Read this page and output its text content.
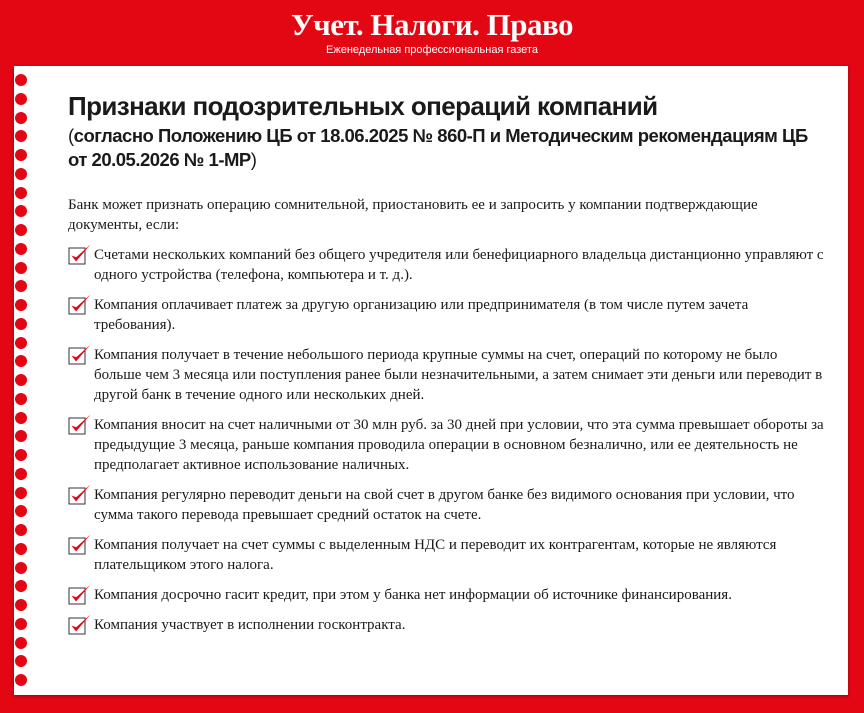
Учет. Налоги. Право
Еженедельная профессиональная газета
Признаки подозрительных операций компаний

(согласно Положению ЦБ от 18.06.2025 № 860-П и Методическим рекомендациям ЦБ от 20.05.2026 № 1-МР)

Банк может признать операцию сомнительной, приостановить ее и запросить у компании подтверждающие документы, если:

Счетами нескольких компаний без общего учредителя или бенефициарного владельца дистанционно управляют с одного устройства (телефона, компьютера и т. д.).
Компания оплачивает платеж за другую организацию или предпринимателя (в том числе путем зачета требования).
Компания получает в течение небольшого периода крупные суммы на счет, операций по которому не было больше чем 3 месяца или поступления ранее были незначительными, а затем снимает эти деньги или переводит в другой банк в течение одного или нескольких дней.
Компания вносит на счет наличными от 30 млн руб. за 30 дней при условии, что эта сумма превышает обороты за предыдущие 3 месяца, раньше компания проводила операции в основном безналично, или ее деятельность не предполагает активное использование наличных.
Компания регулярно переводит деньги на свой счет в другом банке без видимого основания при условии, что сумма такого перевода превышает средний остаток на счете.
Компания получает на счет суммы с выделенным НДС и переводит их контрагентам, которые не являются плательщиком этого налога.
Компания досрочно гасит кредит, при этом у банка нет информации об источнике финансирования.
Компания участвует в исполнении госконтракта.
